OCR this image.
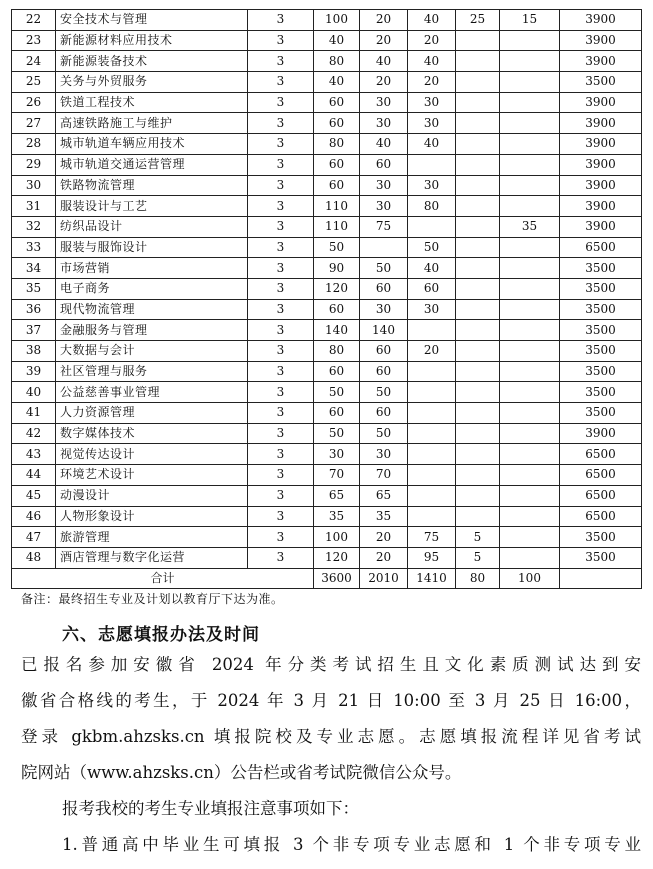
22	安全技术与管理	3	100	20	40	25	15	3900
23	新能源材料应用技术	3	40	20	20			3900
24	新能源装备技术	3	80	40	40			3900
25	关务与外贸服务	3	40	20	20			3500
26	铁道工程技术	3	60	30	30			3900
27	高速铁路施工与维护	3	60	30	30			3900
28	城市轨道车辆应用技术	3	80	40	40			3900
29	城市轨道交通运营管理	3	60	60				3900
30	铁路物流管理	3	60	30	30			3900
31	服装设计与工艺	3	110	30	80			3900
32	纺织品设计	3	110	75			35	3900
33	服装与服饰设计	3	50		50			6500
34	市场营销	3	90	50	40			3500
35	电子商务	3	120	60	60			3500
36	现代物流管理	3	60	30	30			3500
37	金融服务与管理	3	140	140				3500
38	大数据与会计	3	80	60	20			3500
39	社区管理与服务	3	60	60				3500
40	公益慈善事业管理	3	50	50				3500
41	人力资源管理	3	60	60				3500
42	数字媒体技术	3	50	50				3900
43	视觉传达设计	3	30	30				6500
44	环境艺术设计	3	70	70				6500
45	动漫设计	3	65	65				6500
46	人物形象设计	3	35	35				6500
47	旅游管理	3	100	20	75	5		3500
48	酒店管理与数字化运营	3	120	20	95	5		3500
合计			3600	2010	1410	80	100	
备注：最终招生专业及计划以教育厅下达为准。
六、志愿填报办法及时间
已报名参加安徽省 2024 年分类考试招生且文化素质测试达到安
徽省合格线的考生，于 2024 年 3 月 21 日 10:00 至 3 月 25 日 16:00，
登录 gkbm.ahzsks.cn 填报院校及专业志愿。志愿填报流程详见省考试
院网站（www.ahzsks.cn）公告栏或省考试院微信公众号。
报考我校的考生专业填报注意事项如下：
1.普通高中毕业生可填报 3 个非专项专业志愿和 1 个非专项专业
